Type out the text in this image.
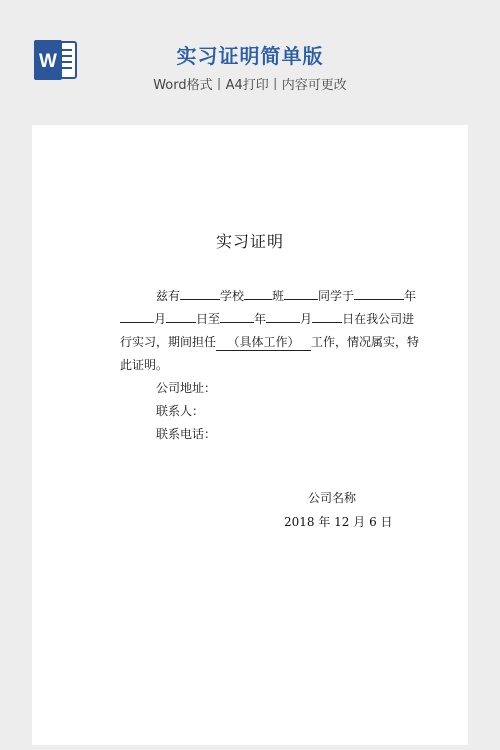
W	实习证明简单版
Word格式丨A4打印丨内容可更改
实习证明
兹有	学校 班	同学于	年
月	日至	年	月	日在我公司进
行实习，期间担任 （具体工作） 工作，情况属实，特
此证明。
公司地址：
联系人：
联系电话：
公司名称
2018 年 12 月 6 日
